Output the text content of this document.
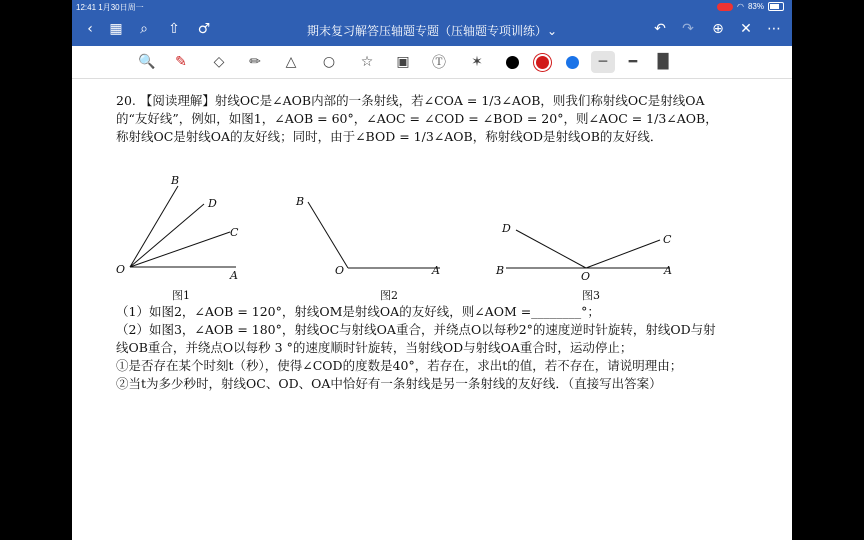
12:41 1月30日周一	◠ 83%
‹	▦	⌕	⇧ ♂	期末复习解答压轴题专题（压轴题专项训练）⌄	↶ ↷ ⊕ ✕ ⋯
🔍	✎	◇	✏	△	○	☆	▣	Ⓣ	✶	─	━	█

20. 【阅读理解】射线OC是∠AOB内部的一条射线，若∠COA = 1/3∠AOB，则我们称射线OC是射线OA的“友好线”，例如，如图1，∠AOB = 60°，∠AOC = ∠COD = ∠BOD = 20°，则∠AOC = 1/3∠AOB，称射线OC是射线OA的友好线；同时，由于∠BOD = 1/3∠AOB，称射线OD是射线OB的友好线．

B
D
C
O	A
图1
B
O	A
图2
D
C
B	O	A
图3

（1）如图2，∠AOB = 120°，射线OM是射线OA的友好线，则∠AOM =________°；

（2）如图3，∠AOB = 180°，射线OC与射线OA重合，并绕点O以每秒2°的速度逆时针旋转，射线OD与射线OB重合，并绕点O以每秒 3 °的速度顺时针旋转，当射线OD与射线OA重合时，运动停止；

①是否存在某个时刻t（秒），使得∠COD的度数是40°，若存在，求出t的值，若不存在，请说明理由；

②当t为多少秒时，射线OC、OD、OA中恰好有一条射线是另一条射线的友好线．（直接写出答案）
